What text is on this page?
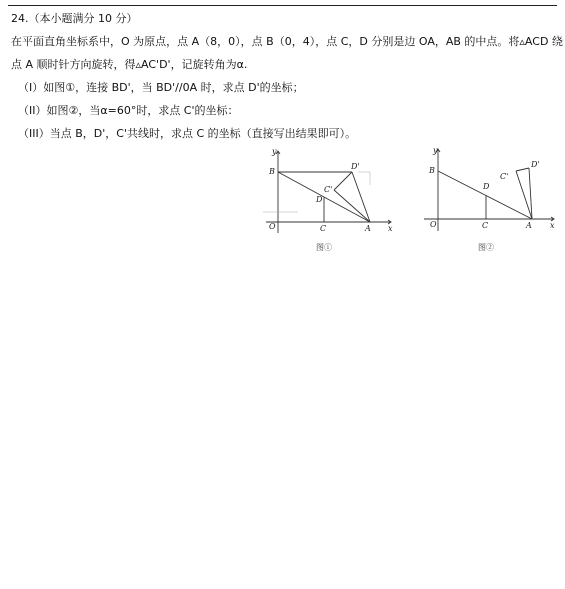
24.（本小题满分 10 分）
在平面直角坐标系中，O 为原点，点 A（8，0），点 B（0，4），点 C，D 分别是边 OA，AB 的中点。将▵ACD 绕
点 A 顺时针方向旋转，得▵AC'D'，记旋转角为α.
（I）如图①，连接 BD'，当 BD'//0A 时，求点 D'的坐标；
（II）如图②，当α=60°时，求点 C'的坐标：
（III）当点 B，D'，C'共线时，求点 C 的坐标（直接写出结果即可）。
y
B
O	C
D
C'
D'
A x
图①
y
B
O
D
C	A
C'
D'
x
图②
